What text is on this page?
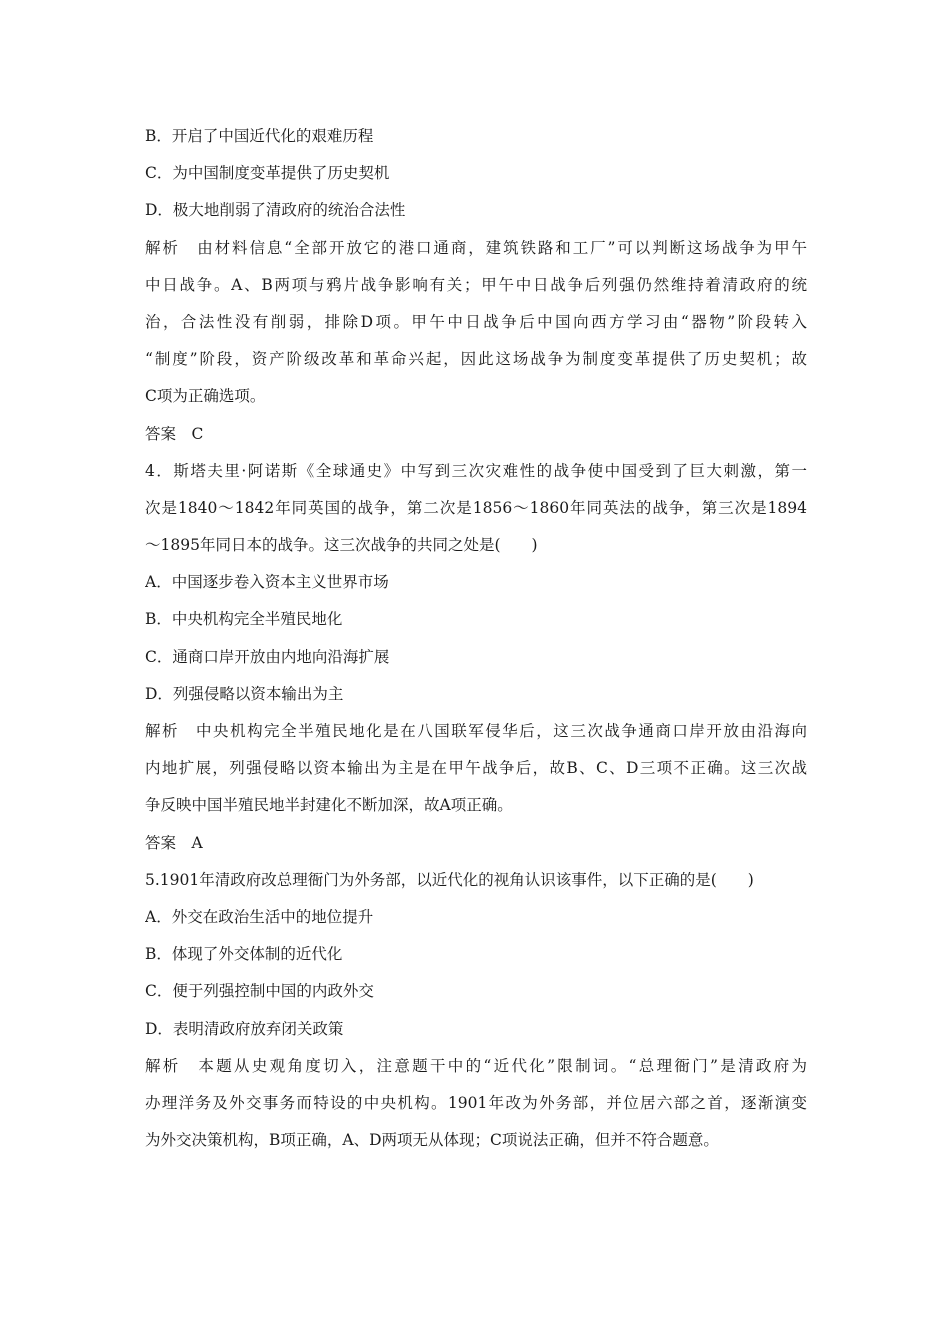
B．开启了中国近代化的艰难历程
C．为中国制度变革提供了历史契机
D．极大地削弱了清政府的统治合法性
解析　由材料信息“全部开放它的港口通商，建筑铁路和工厂”可以判断这场战争为甲午
中日战争。A、B两项与鸦片战争影响有关；甲午中日战争后列强仍然维持着清政府的统
治，合法性没有削弱，排除D项。甲午中日战争后中国向西方学习由“器物”阶段转入
“制度”阶段，资产阶级改革和革命兴起，因此这场战争为制度变革提供了历史契机；故
C项为正确选项。
答案　C
4．斯塔夫里·阿诺斯《全球通史》中写到三次灾难性的战争使中国受到了巨大刺激，第一
次是1840～1842年同英国的战争，第二次是1856～1860年同英法的战争，第三次是1894
～1895年同日本的战争。这三次战争的共同之处是(　　)
A．中国逐步卷入资本主义世界市场
B．中央机构完全半殖民地化
C．通商口岸开放由内地向沿海扩展
D．列强侵略以资本输出为主
解析　中央机构完全半殖民地化是在八国联军侵华后，这三次战争通商口岸开放由沿海向
内地扩展，列强侵略以资本输出为主是在甲午战争后，故B、C、D三项不正确。这三次战
争反映中国半殖民地半封建化不断加深，故A项正确。
答案　A
5.1901年清政府改总理衙门为外务部，以近代化的视角认识该事件，以下正确的是(　　)
A．外交在政治生活中的地位提升
B．体现了外交体制的近代化
C．便于列强控制中国的内政外交
D．表明清政府放弃闭关政策
解析　本题从史观角度切入，注意题干中的“近代化”限制词。“总理衙门”是清政府为
办理洋务及外交事务而特设的中央机构。1901年改为外务部，并位居六部之首，逐渐演变
为外交决策机构，B项正确，A、D两项无从体现；C项说法正确，但并不符合题意。
